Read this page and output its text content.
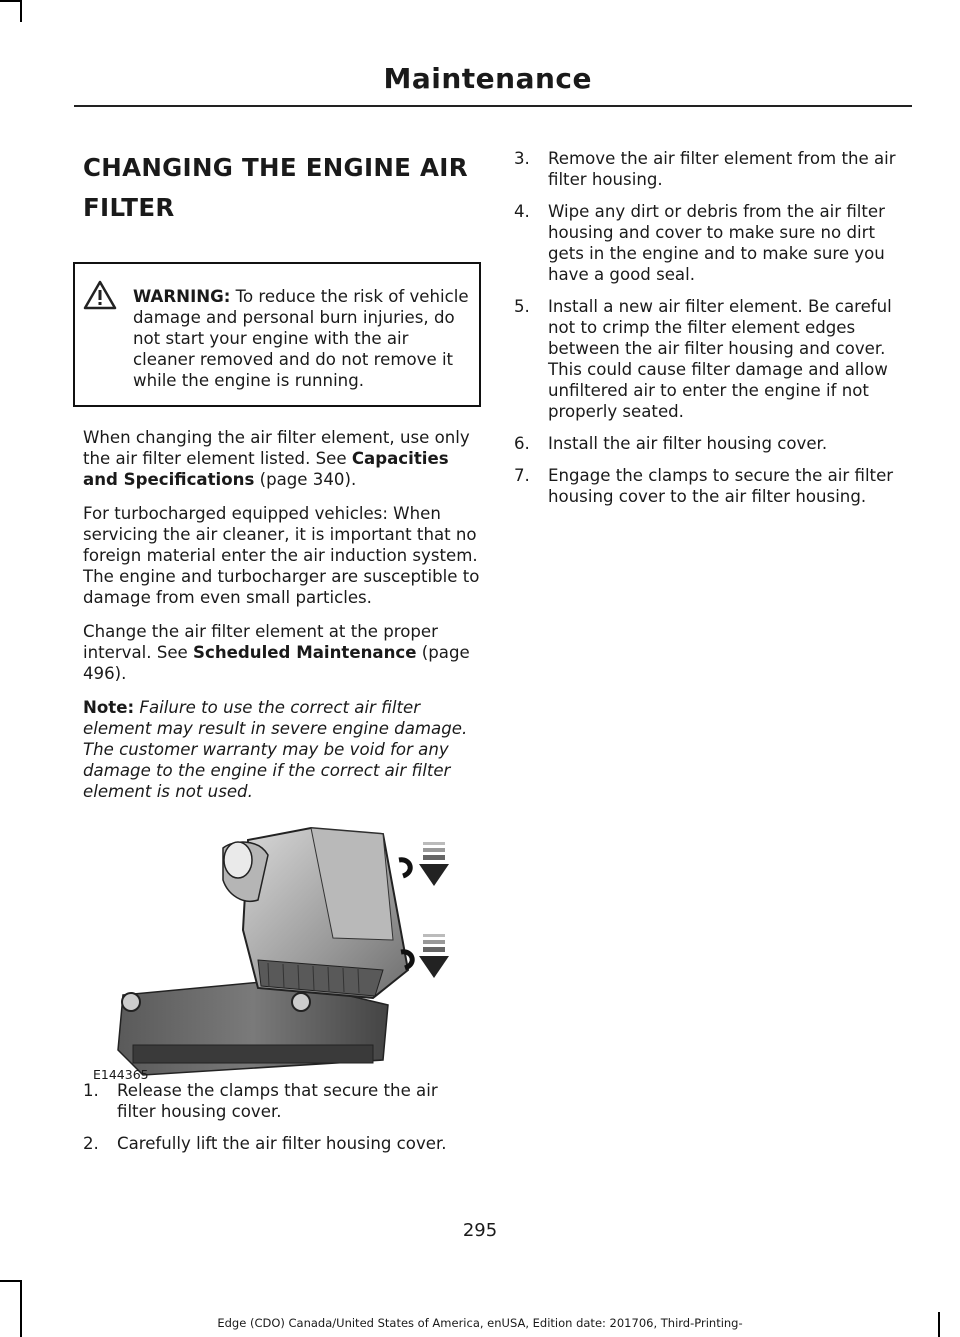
Maintenance
CHANGING THE ENGINE AIR FILTER

WARNING: To reduce the risk of vehicle damage and personal burn injuries, do not start your engine with the air cleaner removed and do not remove it while the engine is running.

When changing the air filter element, use only the air filter element listed. See Capacities and Specifications (page 340).

For turbocharged equipped vehicles: When servicing the air cleaner, it is important that no foreign material enter the air induction system. The engine and turbocharger are susceptible to damage from even small particles.

Change the air filter element at the proper interval. See Scheduled Maintenance (page 496).

Note: Failure to use the correct air filter element may result in severe engine damage. The customer warranty may be void for any damage to the engine if the correct air filter element is not used.

E144365
1.	Release the clamps that secure the air filter housing cover.
2.	Carefully lift the air filter housing cover.
3.	Remove the air filter element from the air filter housing.
4.	Wipe any dirt or debris from the air filter housing and cover to make sure no dirt gets in the engine and to make sure you have a good seal.
5.	Install a new air filter element. Be careful not to crimp the filter element edges between the air filter housing and cover. This could cause filter damage and allow unfiltered air to enter the engine if not properly seated.
6.	Install the air filter housing cover.
7.	Engage the clamps to secure the air filter housing cover to the air filter housing.
295
Edge (CDO) Canada/United States of America, enUSA, Edition date: 201706, Third-Printing-
